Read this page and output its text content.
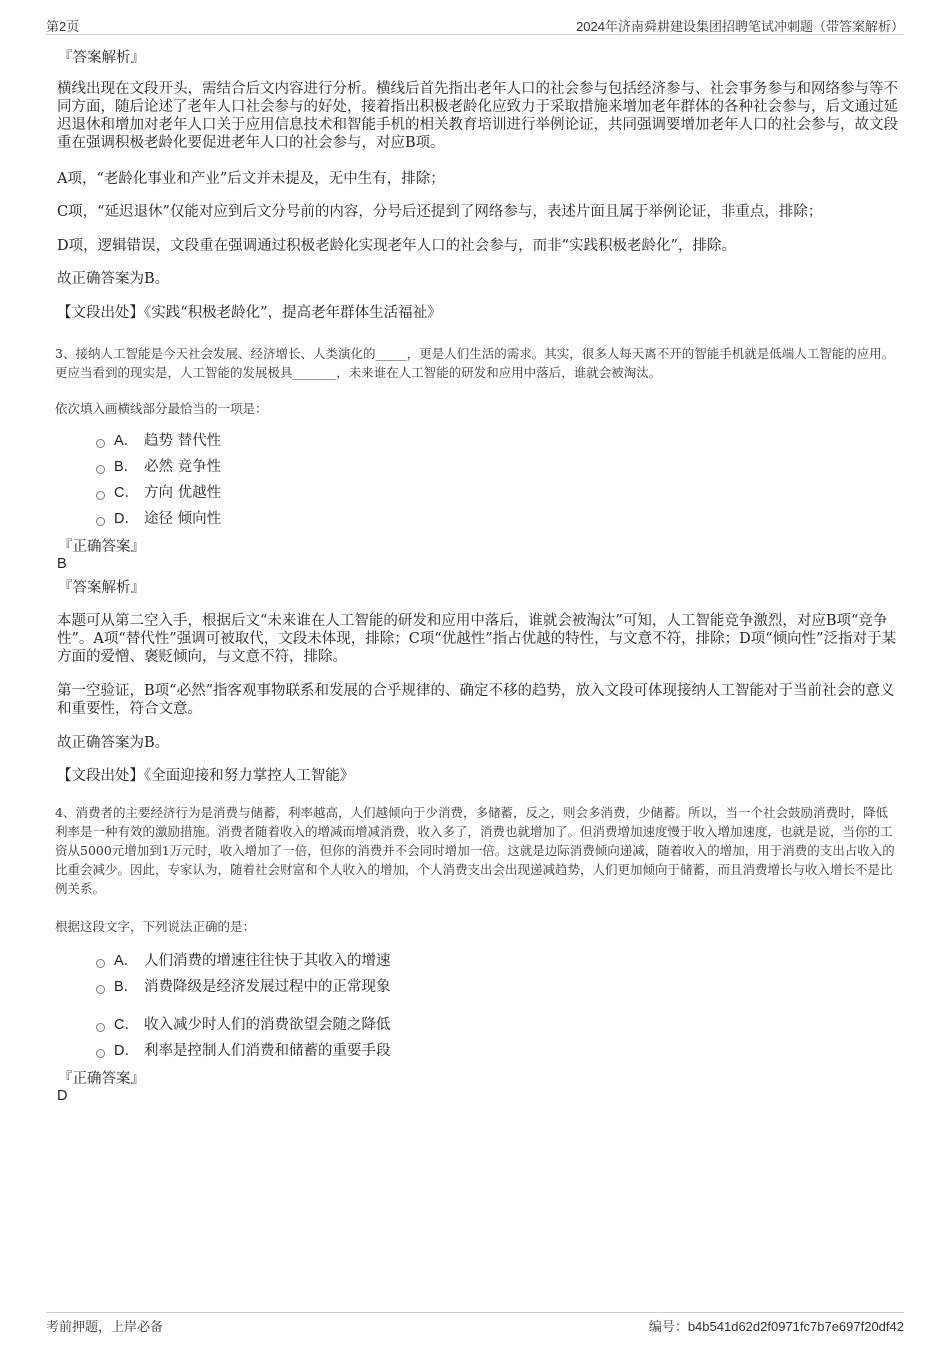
第2页	2024年济南舜耕建设集团招聘笔试冲刺题（带答案解析）
『答案解析』
横线出现在文段开头，需结合后文内容进行分析。横线后首先指出老年人口的社会参与包括经济参与、社会事务参与和网络参与等不同方面，随后论述了老年人口社会参与的好处，接着指出积极老龄化应致力于采取措施来增加老年群体的各种社会参与，后文通过延迟退休和增加对老年人口关于应用信息技术和智能手机的相关教育培训进行举例论证，共同强调要增加老年人口的社会参与，故文段重在强调积极老龄化要促进老年人口的社会参与，对应B项。
A项，“老龄化事业和产业”后文并未提及，无中生有，排除；
C项，“延迟退休”仅能对应到后文分号前的内容，分号后还提到了网络参与，表述片面且属于举例论证，非重点，排除；
D项，逻辑错误，文段重在强调通过积极老龄化实现老年人口的社会参与，而非“实践积极老龄化”，排除。
故正确答案为B。
【文段出处】《实践“积极老龄化”，提高老年群体生活福祉》
3、接纳人工智能是今天社会发展、经济增长、人类演化的_____，更是人们生活的需求。其实，很多人每天离不开的智能手机就是低端人工智能的应用。更应当看到的现实是，人工智能的发展极具_______，未来谁在人工智能的研发和应用中落后，谁就会被淘汰。
依次填入画横线部分最恰当的一项是：
A． 趋势 替代性
B． 必然 竞争性
C． 方向 优越性
D． 途径 倾向性
『正确答案』
B
『答案解析』
本题可从第二空入手，根据后文“未来谁在人工智能的研发和应用中落后，谁就会被淘汰”可知，人工智能竞争激烈，对应B项“竞争性”。A项“替代性”强调可被取代，文段未体现，排除；C项“优越性”指占优越的特性，与文意不符，排除；D项“倾向性”泛指对于某方面的爱憎、褒贬倾向，与文意不符，排除。
第一空验证，B项“必然”指客观事物联系和发展的合乎规律的、确定不移的趋势，放入文段可体现接纳人工智能对于当前社会的意义和重要性，符合文意。
故正确答案为B。
【文段出处】《全面迎接和努力掌控人工智能》
4、消费者的主要经济行为是消费与储蓄，利率越高，人们越倾向于少消费，多储蓄，反之，则会多消费，少储蓄。所以，当一个社会鼓励消费时，降低利率是一种有效的激励措施。消费者随着收入的增减而增减消费，收入多了，消费也就增加了。但消费增加速度慢于收入增加速度，也就是说，当你的工资从5000元增加到1万元时，收入增加了一倍，但你的消费并不会同时增加一倍。这就是边际消费倾向递减，随着收入的增加，用于消费的支出占收入的比重会减少。因此，专家认为，随着社会财富和个人收入的增加，个人消费支出会出现递减趋势，人们更加倾向于储蓄，而且消费增长与收入增长不是比例关系。
根据这段文字，下列说法正确的是：
A． 人们消费的增速往往快于其收入的增速
B． 消费降级是经济发展过程中的正常现象
C． 收入减少时人们的消费欲望会随之降低
D． 利率是控制人们消费和储蓄的重要手段
『正确答案』
D
考前押题，上岸必备	编号：b4b541d62d2f0971fc7b7e697f20df42
